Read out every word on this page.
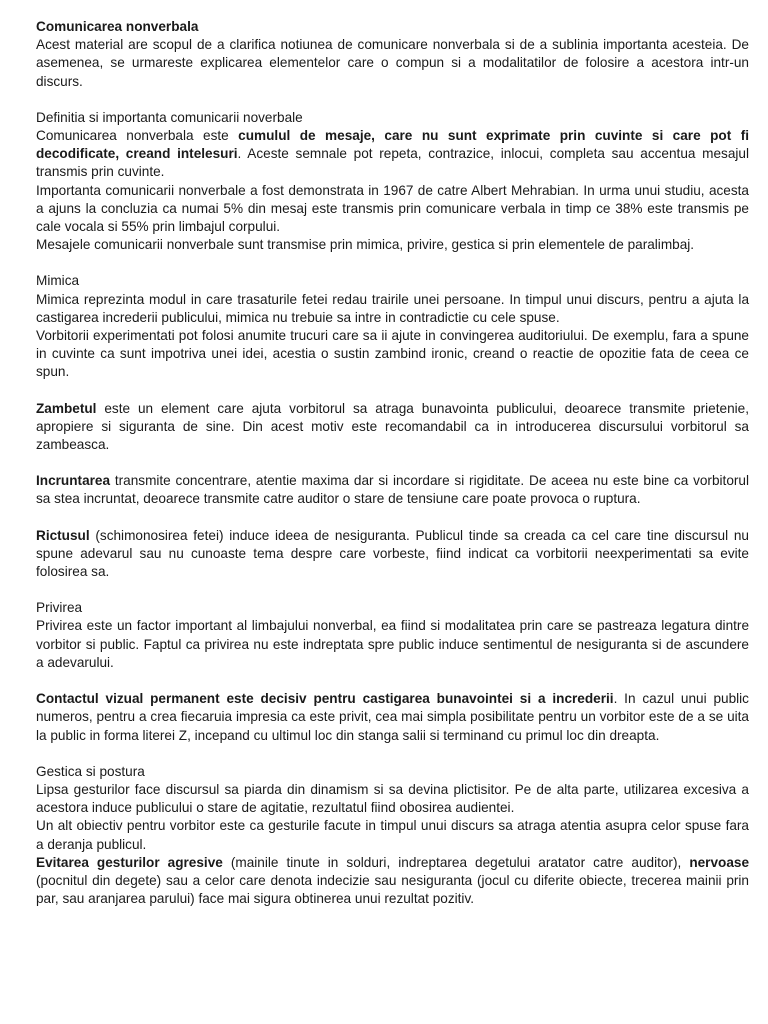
Comunicarea nonverbala

Acest material are scopul de a clarifica notiunea de comunicare nonverbala si de a sublinia importanta acesteia. De asemenea, se urmareste explicarea elementelor care o compun si a modalitatilor de folosire a acestora intr-un discurs.

Definitia si importanta comunicarii noverbale

Comunicarea nonverbala este cumulul de mesaje, care nu sunt exprimate prin cuvinte si care pot fi decodificate, creand intelesuri. Aceste semnale pot repeta, contrazice, inlocui, completa sau accentua mesajul transmis prin cuvinte.

Importanta comunicarii nonverbale a fost demonstrata in 1967 de catre Albert Mehrabian. In urma unui studiu, acesta a ajuns la concluzia ca numai 5% din mesaj este transmis prin comunicare verbala in timp ce 38% este transmis pe cale vocala si 55% prin limbajul corpului.

Mesajele comunicarii nonverbale sunt transmise prin mimica, privire, gestica si prin elementele de paralimbaj.

Mimica

Mimica reprezinta modul in care trasaturile fetei redau trairile unei persoane. In timpul unui discurs, pentru a ajuta la castigarea increderii publicului, mimica nu trebuie sa intre in contradictie cu cele spuse.

Vorbitorii experimentati pot folosi anumite trucuri care sa ii ajute in convingerea auditoriului. De exemplu, fara a spune in cuvinte ca sunt impotriva unei idei, acestia o sustin zambind ironic, creand o reactie de opozitie fata de ceea ce spun.

Zambetul este un element care ajuta vorbitorul sa atraga bunavointa publicului, deoarece transmite prietenie, apropiere si siguranta de sine. Din acest motiv este recomandabil ca in introducerea discursului vorbitorul sa zambeasca.

Incruntarea transmite concentrare, atentie maxima dar si incordare si rigiditate. De aceea nu este bine ca vorbitorul sa stea incruntat, deoarece transmite catre auditor o stare de tensiune care poate provoca o ruptura.

Rictusul (schimonosirea fetei) induce ideea de nesiguranta. Publicul tinde sa creada ca cel care tine discursul nu spune adevarul sau nu cunoaste tema despre care vorbeste, fiind indicat ca vorbitorii neexperimentati sa evite folosirea sa.

Privirea

Privirea este un factor important al limbajului nonverbal, ea fiind si modalitatea prin care se pastreaza legatura dintre vorbitor si public. Faptul ca privirea nu este indreptata spre public induce sentimentul de nesiguranta si de ascundere a adevarului.

Contactul vizual permanent este decisiv pentru castigarea bunavointei si a increderii. In cazul unui public numeros, pentru a crea fiecaruia impresia ca este privit, cea mai simpla posibilitate pentru un vorbitor este de a se uita la public in forma literei Z, incepand cu ultimul loc din stanga salii si terminand cu primul loc din dreapta.

Gestica si postura

Lipsa gesturilor face discursul sa piarda din dinamism si sa devina plictisitor. Pe de alta parte, utilizarea excesiva a acestora induce publicului o stare de agitatie, rezultatul fiind obosirea audientei.

Un alt obiectiv pentru vorbitor este ca gesturile facute in timpul unui discurs sa atraga atentia asupra celor spuse fara a deranja publicul.

Evitarea gesturilor agresive (mainile tinute in solduri, indreptarea degetului aratator catre auditor), nervoase (pocnitul din degete) sau a celor care denota indecizie sau nesiguranta (jocul cu diferite obiecte, trecerea mainii prin par, sau aranjarea parului) face mai sigura obtinerea unui rezultat pozitiv.
